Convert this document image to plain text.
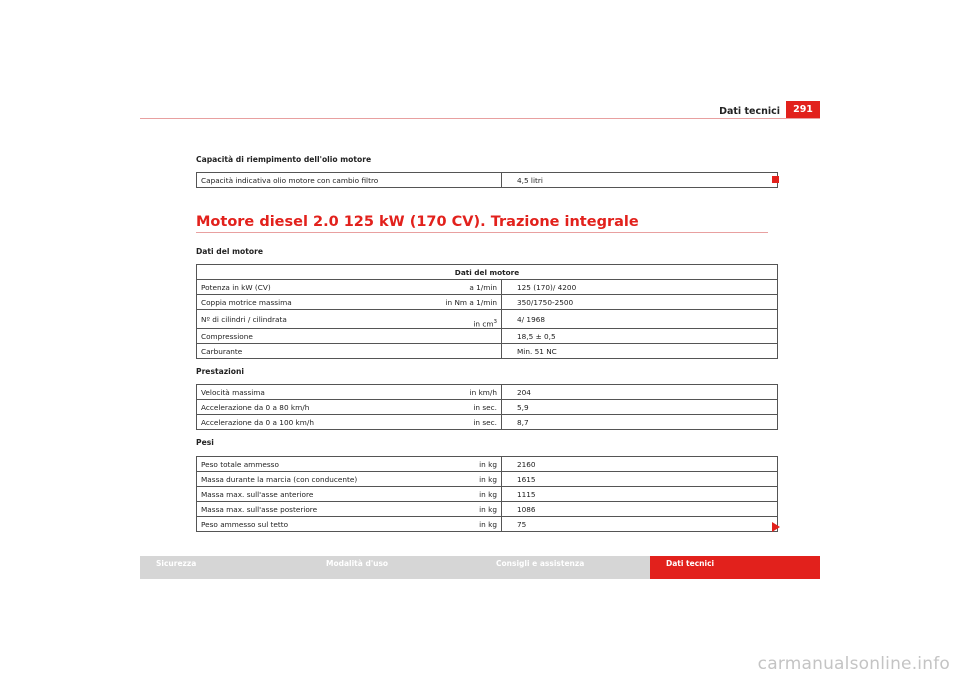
Dati tecnici	291
Capacità di riempimento dell'olio motore
Capacità indicativa olio motore con cambio filtro		4,5 litri
Motore diesel 2.0 125 kW (170 CV). Trazione integrale
Dati del motore
Dati del motore		
Potenza in kW (CV)	a 1/min	125 (170)/ 4200
Coppia motrice massima	in Nm a 1/min	350/1750-2500
Nº di cilindri / cilindrata	in $cm^3$	4/ 1968
Compressione		18,5 ± 0,5
Carburante		Min. 51 NC
Prestazioni
Velocità massima	in km/h	204
Accelerazione da 0 a 80 km/h	in sec.	5,9
Accelerazione da 0 a 100 km/h	in sec.	8,7
Pesi
Peso totale ammesso	in kg	2160
Massa durante la marcia (con conducente)	in kg	1615
Massa max. sull'asse anteriore	in kg	1115
Massa max. sull'asse posteriore	in kg	1086
Peso ammesso sul tetto	in kg	75
Sicurezza	Modalità d'uso	Consigli e assistenza	Dati tecnici
carmanualsonline.info
